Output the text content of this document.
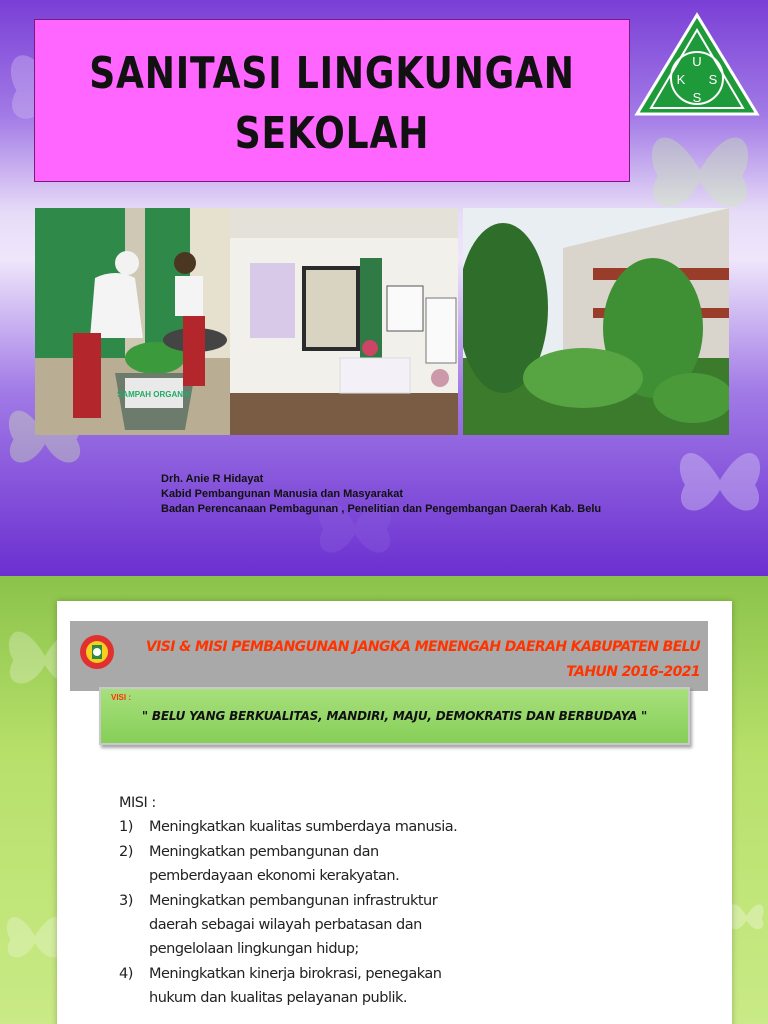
SANITASI LINGKUNGAN
SEKOLAH
U
K S
S
SAMPAH ORGANIK
Drh. Anie R Hidayat
Kabid Pembangunan Manusia dan Masyarakat
Badan Perencanaan Pembagunan , Penelitian dan Pengembangan Daerah Kab. Belu
VISI & MISI PEMBANGUNAN JANGKA MENENGAH DAERAH KABUPATEN BELU
TAHUN 2016-2021
VISI :
" BELU YANG BERKUALITAS, MANDIRI, MAJU, DEMOKRATIS DAN BERBUDAYA "
MISI :
1)	Meningkatkan kualitas sumberdaya manusia.
2)	Meningkatkan pembangunan dan
pemberdayaan ekonomi kerakyatan.
3)	Meningkatkan pembangunan infrastruktur
daerah sebagai wilayah perbatasan dan
pengelolaan lingkungan hidup;
4)	Meningkatkan kinerja birokrasi, penegakan
hukum dan kualitas pelayanan publik.
